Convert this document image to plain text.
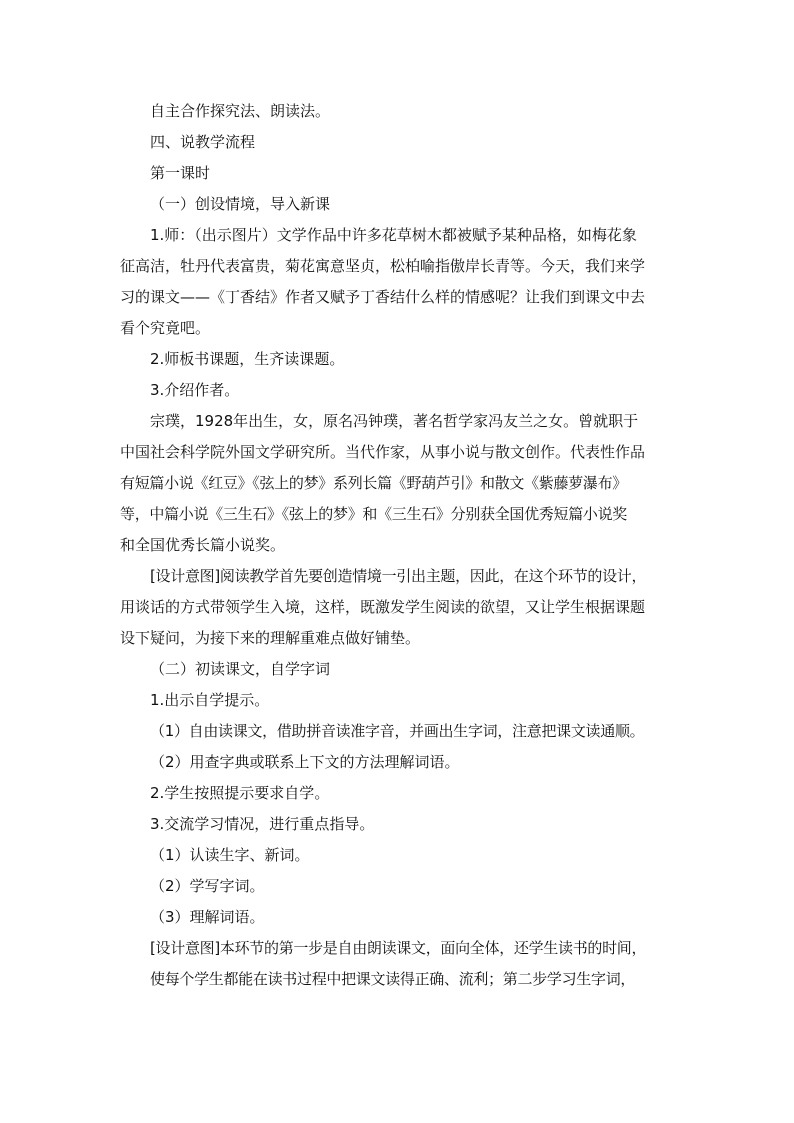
自主合作探究法、朗读法。
四、说教学流程
第一课时
（一）创设情境，导入新课
1.师：（出示图片）文学作品中许多花草树木都被赋予某种品格，如梅花象
征高洁，牡丹代表富贵，菊花寓意坚贞，松柏喻指傲岸长青等。今天，我们来学
习的课文——《丁香结》作者又赋予丁香结什么样的情感呢？让我们到课文中去
看个究竟吧。
2.师板书课题，生齐读课题。
3.介绍作者。
宗璞，1928年出生，女，原名冯钟璞，著名哲学家冯友兰之女。曾就职于
中国社会科学院外国文学研究所。当代作家，从事小说与散文创作。代表性作品
有短篇小说《红豆》《弦上的梦》系列长篇《野葫芦引》和散文《紫藤萝瀑布》
等，中篇小说《三生石》《弦上的梦》和《三生石》分别获全国优秀短篇小说奖
和全国优秀长篇小说奖。
[设计意图]阅读教学首先要创造情境一引出主题，因此，在这个环节的设计，
用谈话的方式带领学生入境，这样，既激发学生阅读的欲望，又让学生根据课题
设下疑问，为接下来的理解重难点做好铺垫。
（二）初读课文，自学字词
1.出示自学提示。
（1）自由读课文，借助拼音读准字音，并画出生字词，注意把课文读通顺。
（2）用查字典或联系上下文的方法理解词语。
2.学生按照提示要求自学。
3.交流学习情况，进行重点指导。
（1）认读生字、新词。
（2）学写字词。
（3）理解词语。
[设计意图]本环节的第一步是自由朗读课文，面向全体，还学生读书的时间，
使每个学生都能在读书过程中把课文读得正确、流利；第二步学习生字词，
